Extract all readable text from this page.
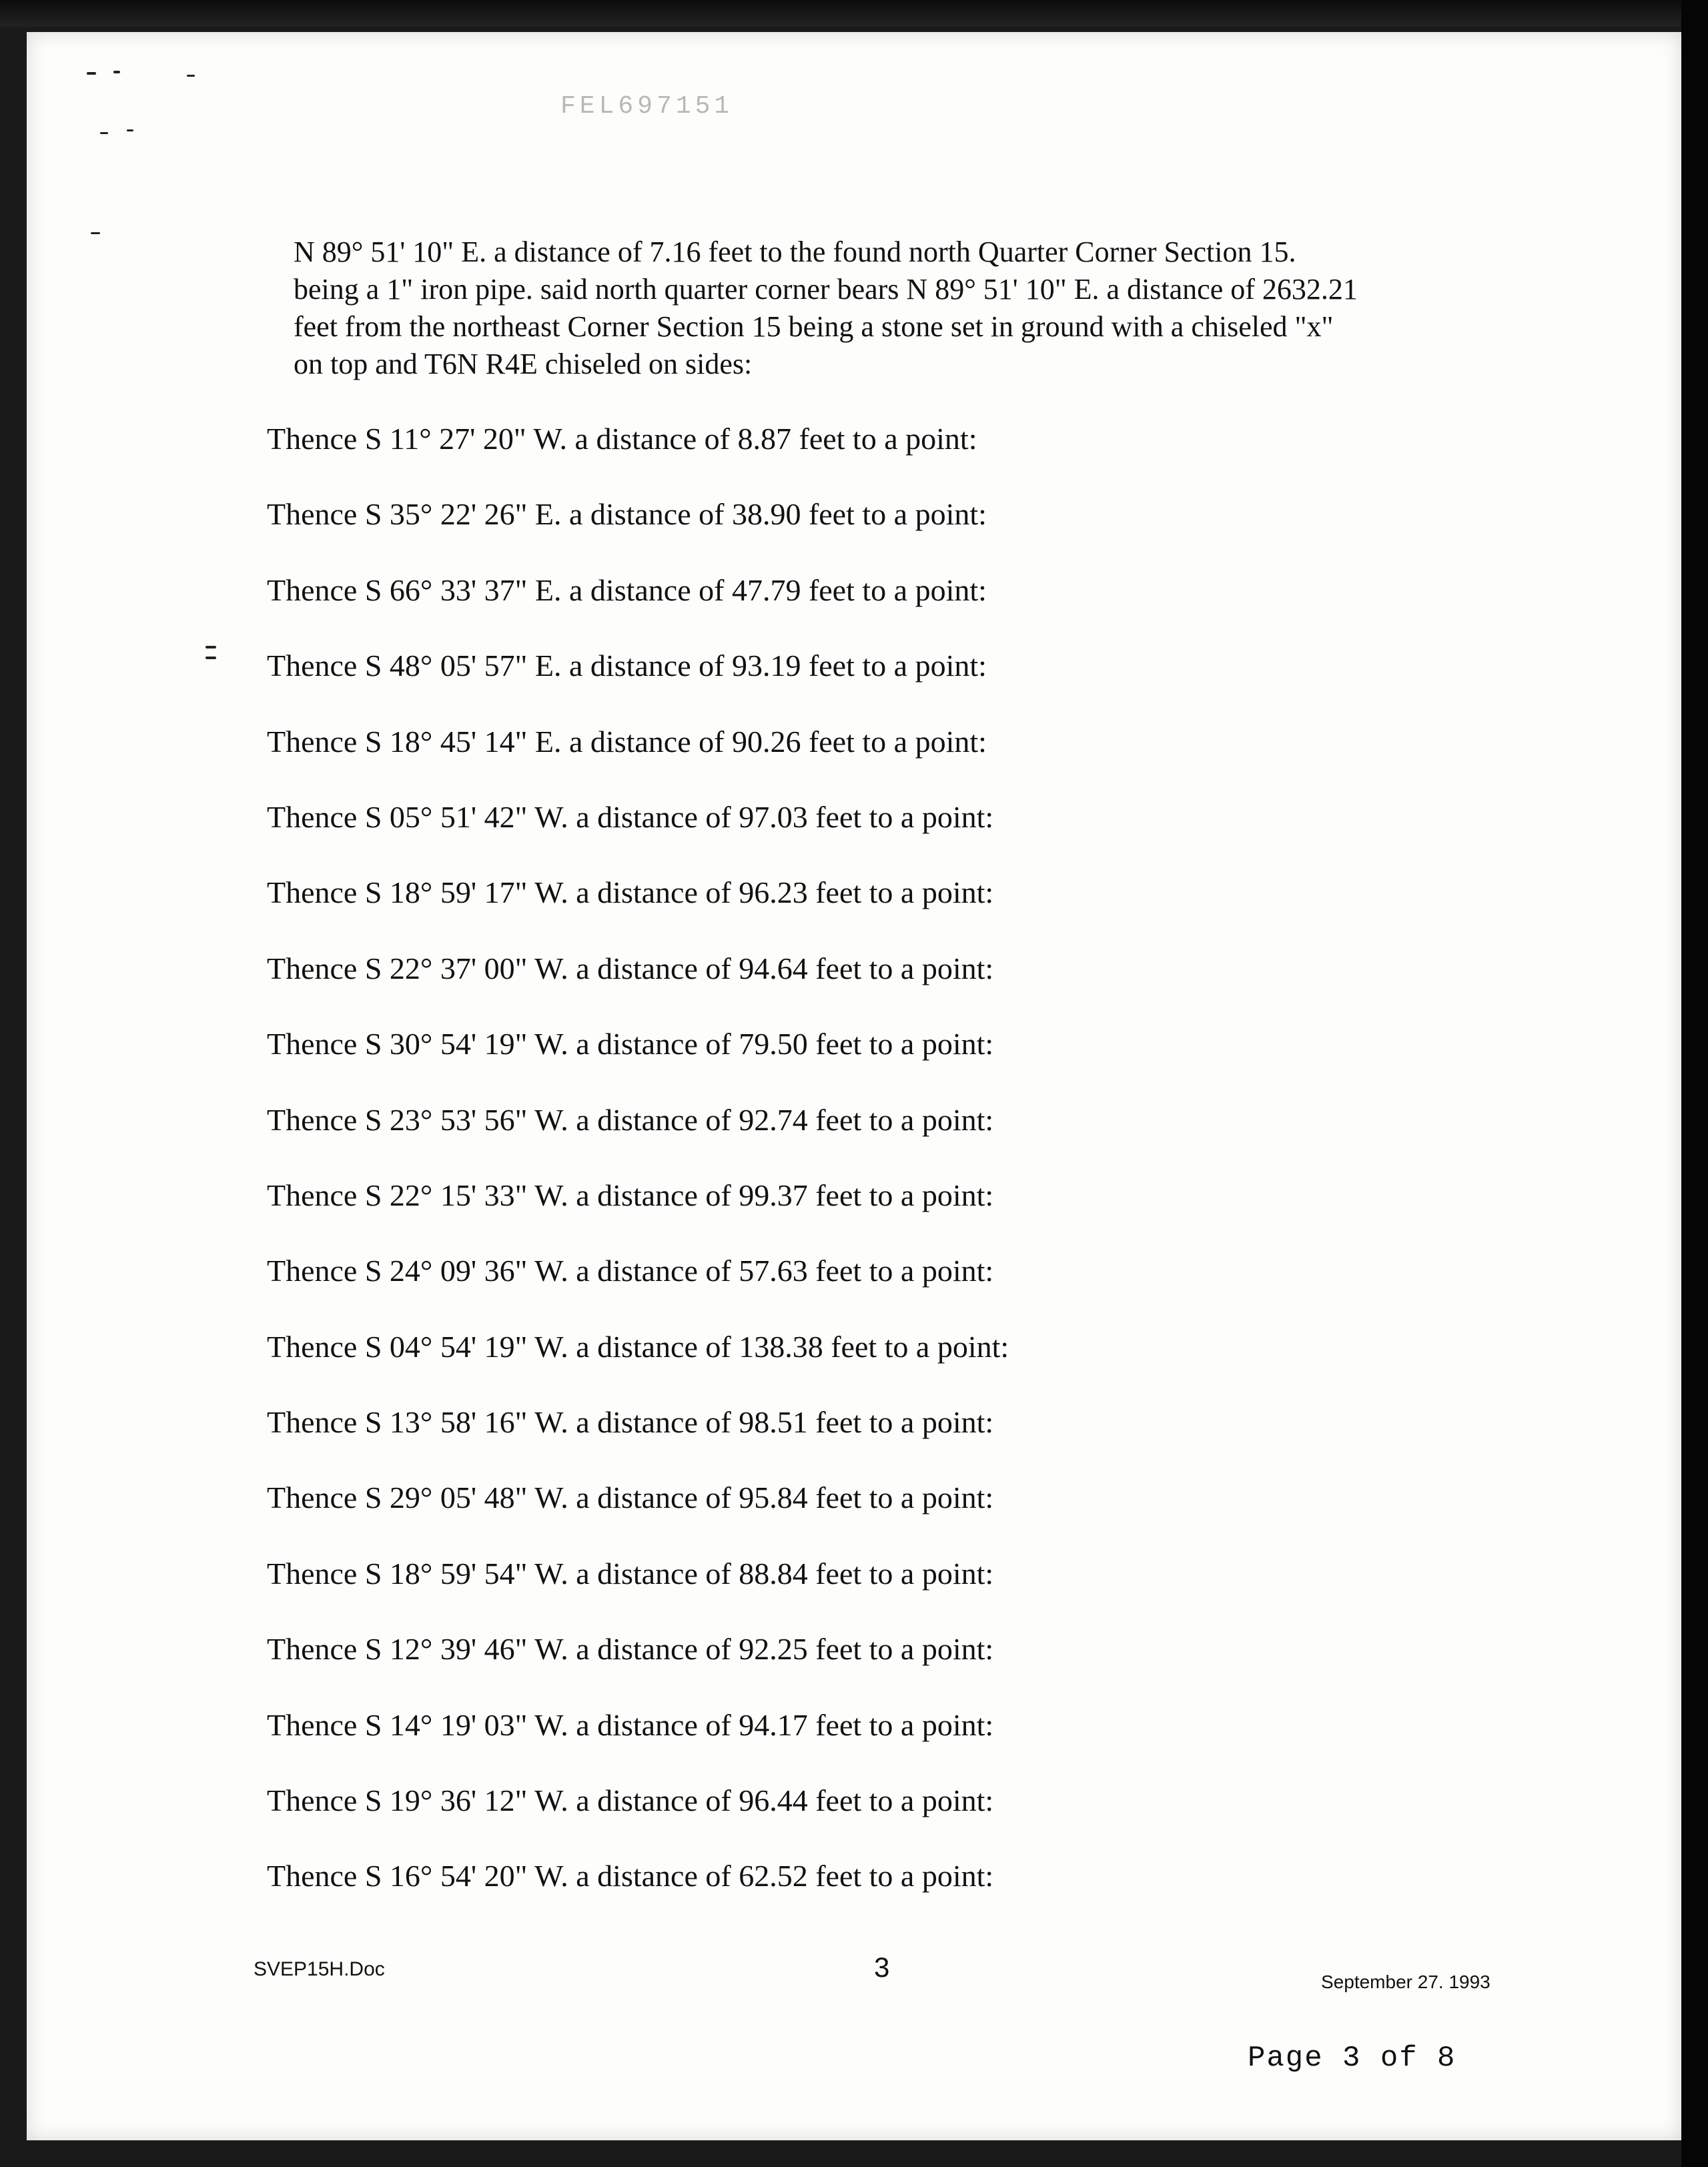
FEL697151

N 89° 51' 10" E. a distance of 7.16 feet to the found north Quarter Corner Section 15.

being a 1" iron pipe. said north quarter corner bears N 89° 51' 10" E. a distance of 2632.21

feet from the northeast Corner Section 15 being a stone set in ground with a chiseled "x"

on top and T6N R4E chiseled on sides:

Thence S 11° 27' 20" W. a distance of 8.87 feet to a point:
Thence S 35° 22' 26" E. a distance of 38.90 feet to a point:
Thence S 66° 33' 37" E. a distance of 47.79 feet to a point:
Thence S 48° 05' 57" E. a distance of 93.19 feet to a point:
Thence S 18° 45' 14" E. a distance of 90.26 feet to a point:
Thence S 05° 51' 42" W. a distance of 97.03 feet to a point:
Thence S 18° 59' 17" W. a distance of 96.23 feet to a point:
Thence S 22° 37' 00" W. a distance of 94.64 feet to a point:
Thence S 30° 54' 19" W. a distance of 79.50 feet to a point:
Thence S 23° 53' 56" W. a distance of 92.74 feet to a point:
Thence S 22° 15' 33" W. a distance of 99.37 feet to a point:
Thence S 24° 09' 36" W. a distance of 57.63 feet to a point:
Thence S 04° 54' 19" W. a distance of 138.38 feet to a point:
Thence S 13° 58' 16" W. a distance of 98.51 feet to a point:
Thence S 29° 05' 48" W. a distance of 95.84 feet to a point:
Thence S 18° 59' 54" W. a distance of 88.84 feet to a point:
Thence S 12° 39' 46" W. a distance of 92.25 feet to a point:
Thence S 14° 19' 03" W. a distance of 94.17 feet to a point:
Thence S 19° 36' 12" W. a distance of 96.44 feet to a point:
Thence S 16° 54' 20" W. a distance of 62.52 feet to a point:
SVEP15H.Doc	3	September 27. 1993
Page 3 of 8
